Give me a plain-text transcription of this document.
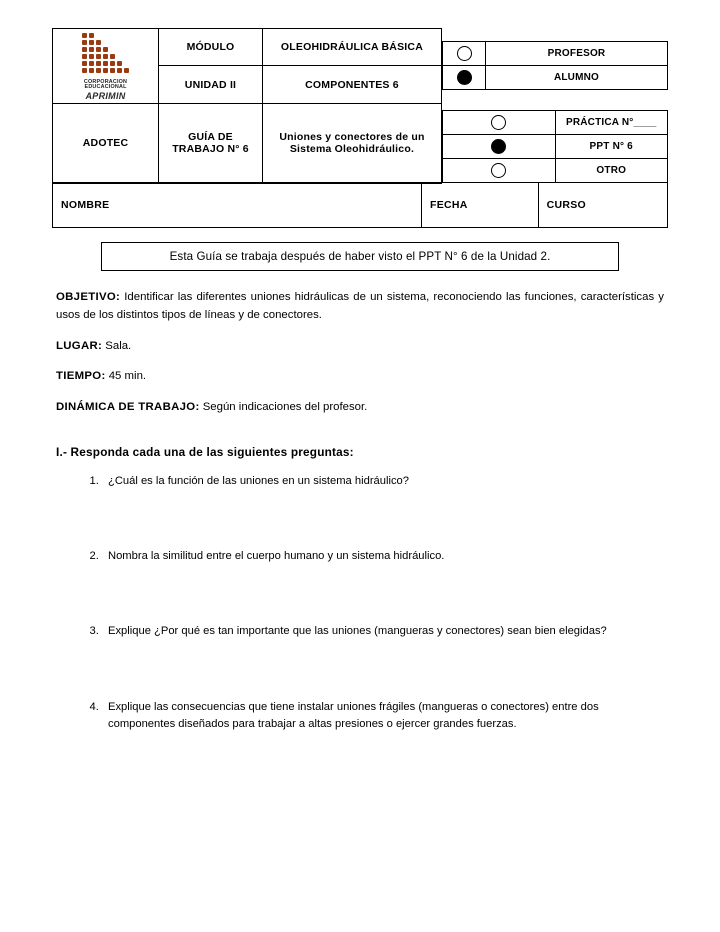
CORPORACION
EDUCACIONAL
APRIMIN
	MÓDULO	OLEOHIDRÁULICA BÁSICA	
	PROFESOR
	ALUMNO

UNIDAD II	COMPONENTES 6
ADOTEC	GUÍA DE TRABAJO N° 6	Uniones y conectores de un Sistema Oleohidráulico.	

	PRÁCTICA N°____
	PPT N° 6
	OTRO
NOMBRE	FECHA	CURSO
Esta Guía se trabaja después de haber visto el PPT N° 6 de la Unidad 2.

OBJETIVO: Identificar las diferentes uniones hidráulicas de un sistema, reconociendo las funciones, características y usos de los distintos tipos de líneas y de conectores.

LUGAR: Sala.

TIEMPO: 45 min.

DINÁMICA DE TRABAJO: Según indicaciones del profesor.

I.- Responda cada una de las siguientes preguntas:
1. ¿Cuál es la función de las uniones en un sistema hidráulico?
2. Nombra la similitud entre el cuerpo humano y un sistema hidráulico.
3. Explique ¿Por qué es tan importante que las uniones (mangueras y conectores) sean bien elegidas?
4. Explique las consecuencias que tiene instalar uniones frágiles (mangueras o conectores) entre dos componentes diseñados para trabajar a altas presiones o ejercer grandes fuerzas.
